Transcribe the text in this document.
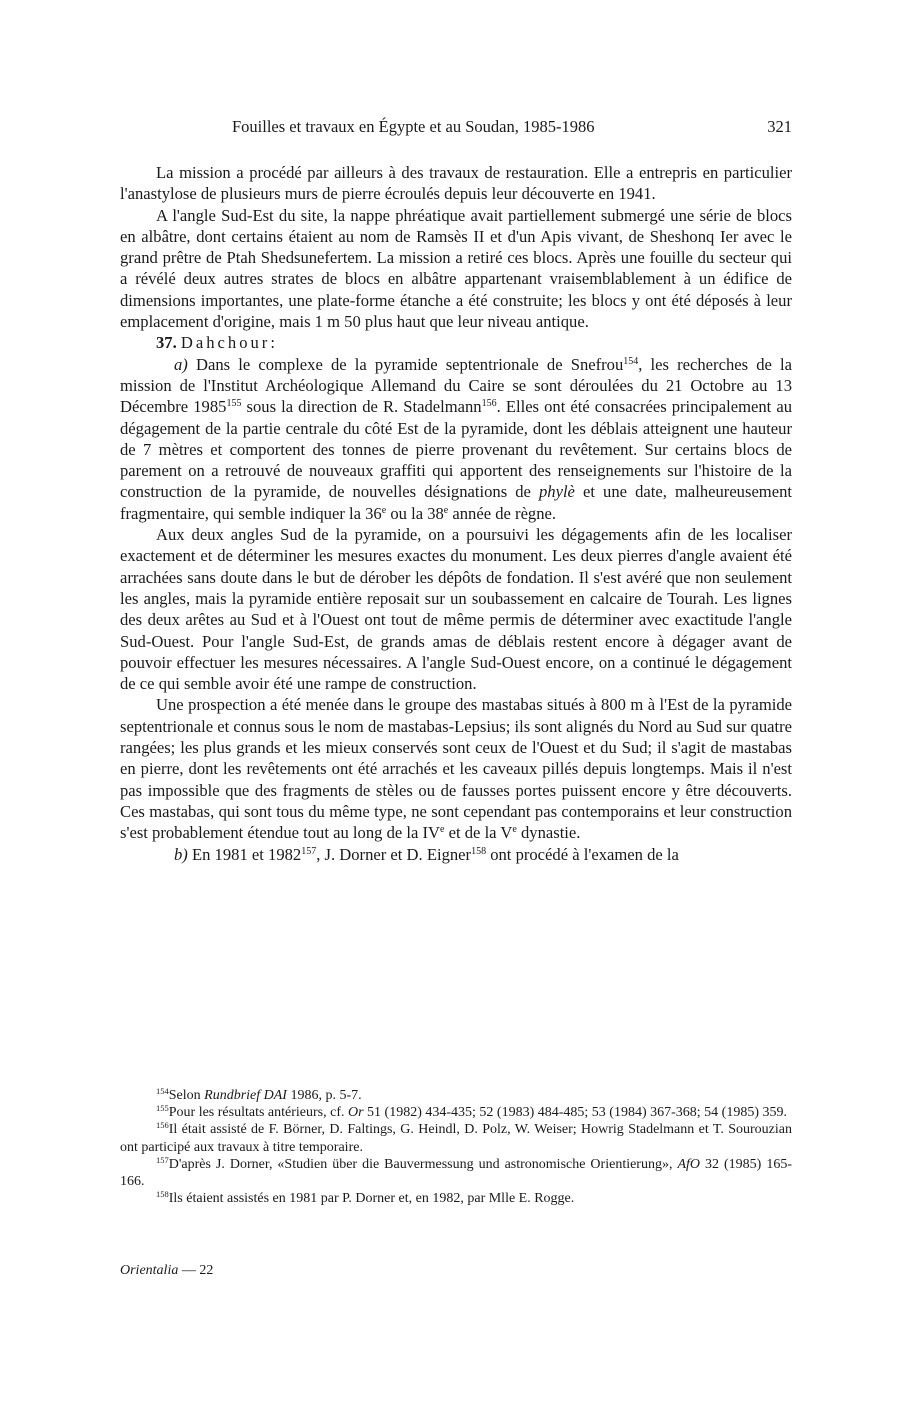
Fouilles et travaux en Égypte et au Soudan, 1985-1986	321

La mission a procédé par ailleurs à des travaux de restauration. Elle a entrepris en particulier l'anastylose de plusieurs murs de pierre écroulés depuis leur découverte en 1941.

A l'angle Sud-Est du site, la nappe phréatique avait partiellement submergé une série de blocs en albâtre, dont certains étaient au nom de Ramsès II et d'un Apis vivant, de Sheshonq Ier avec le grand prêtre de Ptah Shedsunefertem. La mission a retiré ces blocs. Après une fouille du secteur qui a révélé deux autres strates de blocs en albâtre appartenant vraisemblablement à un édifice de dimensions importantes, une plate-forme étanche a été construite; les blocs y ont été déposés à leur emplacement d'origine, mais 1 m 50 plus haut que leur niveau antique.

37. Dahchour:

a) Dans le complexe de la pyramide septentrionale de Snefrou$^{154}$, les recherches de la mission de l'Institut Archéologique Allemand du Caire se sont déroulées du 21 Octobre au 13 Décembre 1985$^{155}$ sous la direction de R. Stadelmann$^{156}$. Elles ont été consacrées principalement au dégagement de la partie centrale du côté Est de la pyramide, dont les déblais atteignent une hauteur de 7 mètres et comportent des tonnes de pierre provenant du revêtement. Sur certains blocs de parement on a retrouvé de nouveaux graffiti qui apportent des renseignements sur l'histoire de la construction de la pyramide, de nouvelles désignations de phylè et une date, malheureusement fragmentaire, qui semble indiquer la 36e ou la 38e année de règne.

Aux deux angles Sud de la pyramide, on a poursuivi les dégagements afin de les localiser exactement et de déterminer les mesures exactes du monument. Les deux pierres d'angle avaient été arrachées sans doute dans le but de dérober les dépôts de fondation. Il s'est avéré que non seulement les angles, mais la pyramide entière reposait sur un soubassement en calcaire de Tourah. Les lignes des deux arêtes au Sud et à l'Ouest ont tout de même permis de déterminer avec exactitude l'angle Sud-Ouest. Pour l'angle Sud-Est, de grands amas de déblais restent encore à dégager avant de pouvoir effectuer les mesures nécessaires. A l'angle Sud-Ouest encore, on a continué le dégagement de ce qui semble avoir été une rampe de construction.

Une prospection a été menée dans le groupe des mastabas situés à 800 m à l'Est de la pyramide septentrionale et connus sous le nom de mastabas-Lepsius; ils sont alignés du Nord au Sud sur quatre rangées; les plus grands et les mieux conservés sont ceux de l'Ouest et du Sud; il s'agit de mastabas en pierre, dont les revêtements ont été arrachés et les caveaux pillés depuis longtemps. Mais il n'est pas impossible que des fragments de stèles ou de fausses portes puissent encore y être découverts. Ces mastabas, qui sont tous du même type, ne sont cependant pas contemporains et leur construction s'est probablement étendue tout au long de la IVe et de la Ve dynastie.

b) En 1981 et 1982$^{157}$, J. Dorner et D. Eigner$^{158}$ ont procédé à l'examen de la

$^{154}$Selon Rundbrief DAI 1986, p. 5-7.

$^{155}$Pour les résultats antérieurs, cf. Or 51 (1982) 434-435; 52 (1983) 484-485; 53 (1984) 367-368; 54 (1985) 359.

$^{156}$Il était assisté de F. Börner, D. Faltings, G. Heindl, D. Polz, W. Weiser; Howrig Stadelmann et T. Sourouzian ont participé aux travaux à titre temporaire.

$^{157}$D'après J. Dorner, «Studien über die Bauvermessung und astronomische Orientierung», AfO 32 (1985) 165-166.

$^{158}$Ils étaient assistés en 1981 par P. Dorner et, en 1982, par Mlle E. Rogge.

Orientalia — 22
